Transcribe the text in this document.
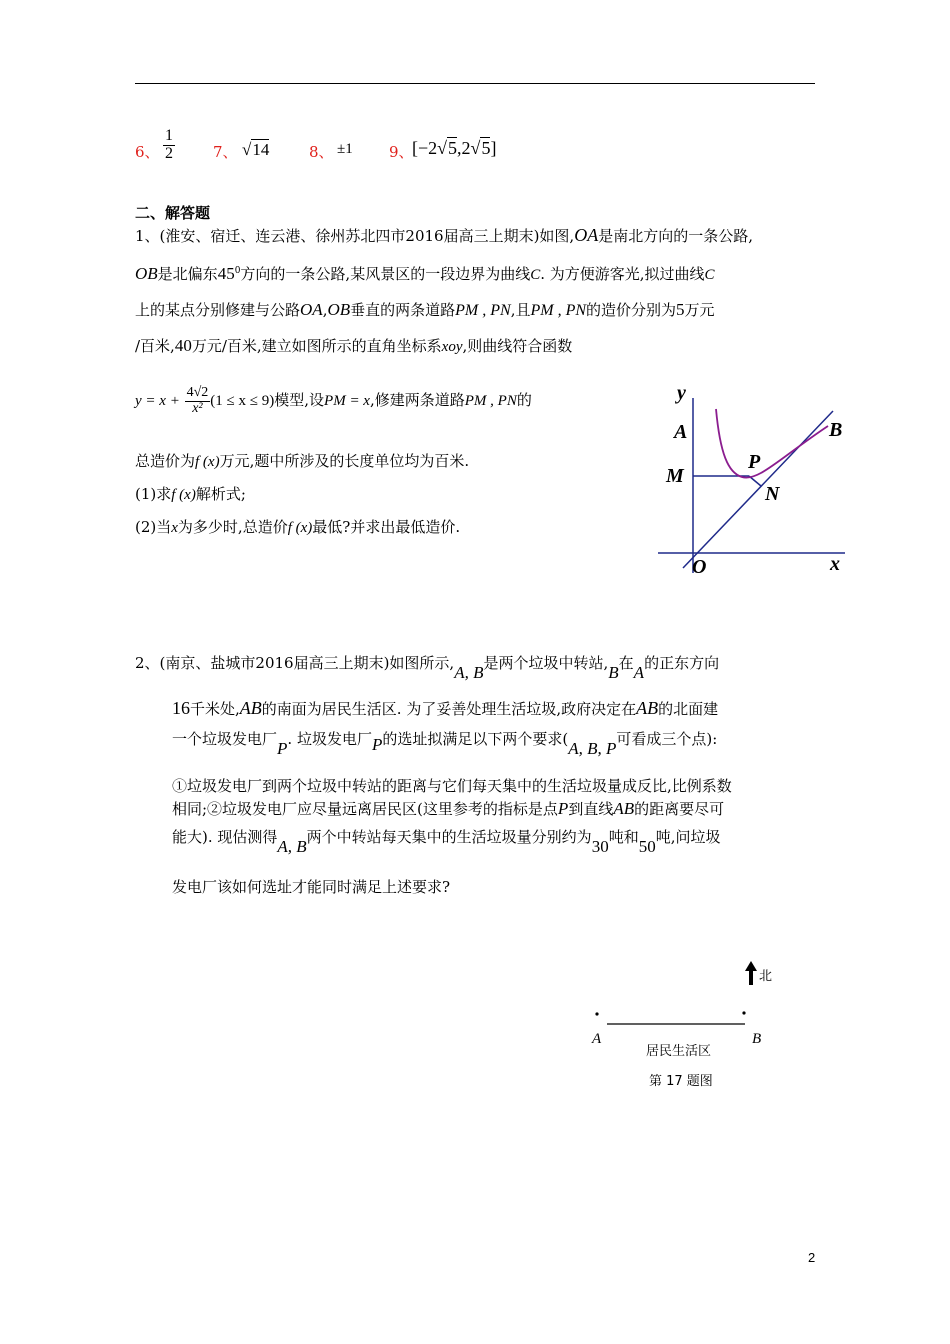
6、 $\frac{1}{2}$	7、 √14	8、 ±1 9、
[−2√5,2√5]
二、解答题
1、(淮安、宿迁、连云港、徐州苏北四市2016届高三上期末)如图,OA是南北方向的一条公路,
OB是北偏东$45^0$方向的一条公路,某风景区的一段边界为曲线C. 为方便游客光,拟过曲线C
上的某点分别修建与公路OA,OB垂直的两条道路PM , PN,且PM , PN的造价分别为5万元
/百米,40万元/百米,建立如图所示的直角坐标系xoy,则曲线符合函数
$y = x + \frac{4√2}{\text{x²}} (1 \le x \le 9)$模型,设PM = x,修建两条道路PM , PN的
总造价为f (x)万元,题中所涉及的长度单位均为百米.
(1)求f (x)解析式;
(2)当x为多少时,总造价f (x)最低?并求出最低造价.
y
x
A	B
M
P
N
O
2、(南京、盐城市2016届高三上期末)如图所示,A, B是两个垃圾中转站,B在A的正东方向
16千米处,AB的南面为居民生活区. 为了妥善处理生活垃圾,政府决定在AB的北面建
一个垃圾发电厂P. 垃圾发电厂P的选址拟满足以下两个要求(A, B, P可看成三个点):
①垃圾发电厂到两个垃圾中转站的距离与它们每天集中的生活垃圾量成反比,比例系数
相同;②垃圾发电厂应尽量远离居民区(这里参考的指标是点P到直线AB的距离要尽可
能大). 现估测得A, B两个中转站每天集中的生活垃圾量分别约为30吨和50吨,问垃圾
发电厂该如何选址才能同时满足上述要求?
北
A	B
居民生活区
第 17 题图
2
